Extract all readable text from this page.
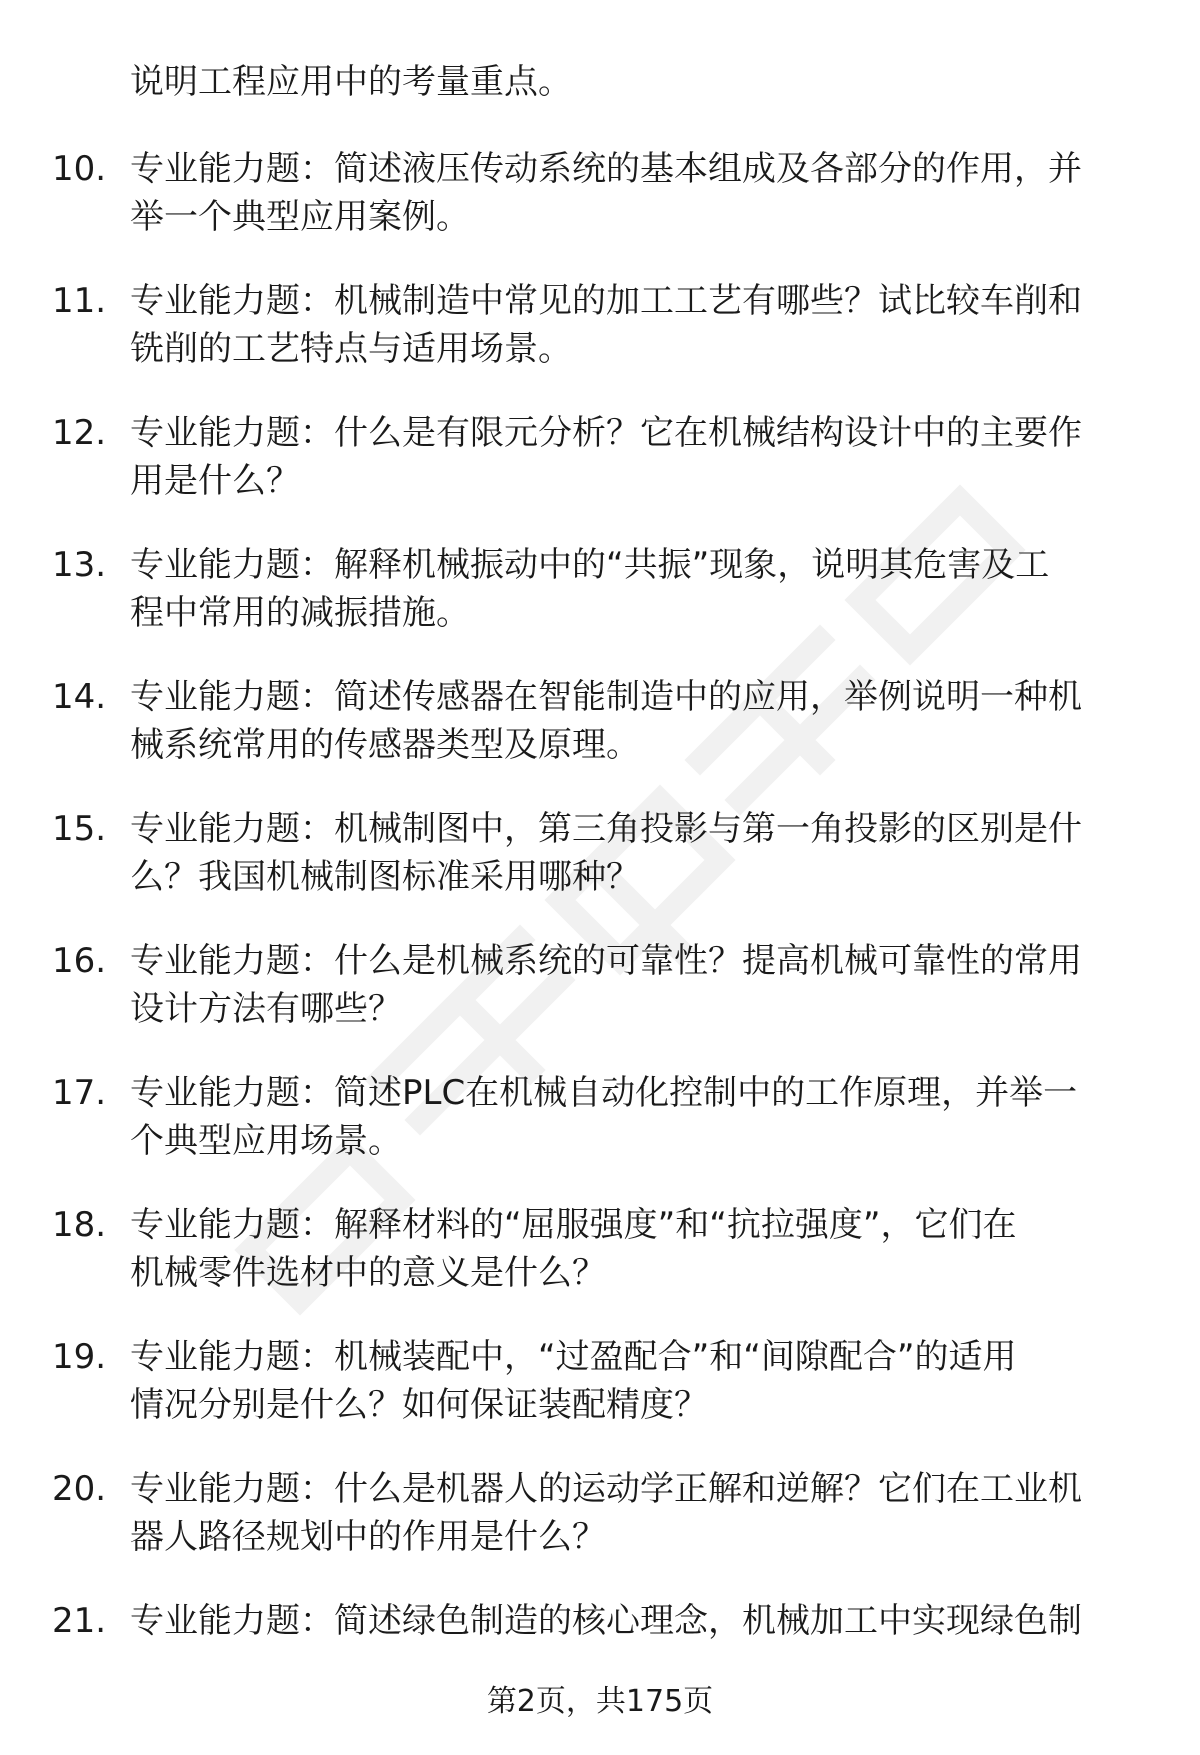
说明工程应用中的考量重点。
10. 专业能力题：简述液压传动系统的基本组成及各部分的作用，并
举一个典型应用案例。
11. 专业能力题：机械制造中常见的加工工艺有哪些？试比较车削和
铣削的工艺特点与适用场景。
12. 专业能力题：什么是有限元分析？它在机械结构设计中的主要作
用是什么？
13. 专业能力题：解释机械振动中的“共振”现象，说明其危害及工
程中常用的减振措施。
14. 专业能力题：简述传感器在智能制造中的应用，举例说明一种机
械系统常用的传感器类型及原理。
15. 专业能力题：机械制图中，第三角投影与第一角投影的区别是什
么？我国机械制图标准采用哪种？
16. 专业能力题：什么是机械系统的可靠性？提高机械可靠性的常用
设计方法有哪些？
17. 专业能力题：简述PLC在机械自动化控制中的工作原理，并举一
个典型应用场景。
18. 专业能力题：解释材料的“屈服强度”和“抗拉强度”，它们在
机械零件选材中的意义是什么？
19. 专业能力题：机械装配中，“过盈配合”和“间隙配合”的适用
情况分别是什么？如何保证装配精度？
20. 专业能力题：什么是机器人的运动学正解和逆解？它们在工业机
器人路径规划中的作用是什么？
21. 专业能力题：简述绿色制造的核心理念，机械加工中实现绿色制
第2页，共175页
